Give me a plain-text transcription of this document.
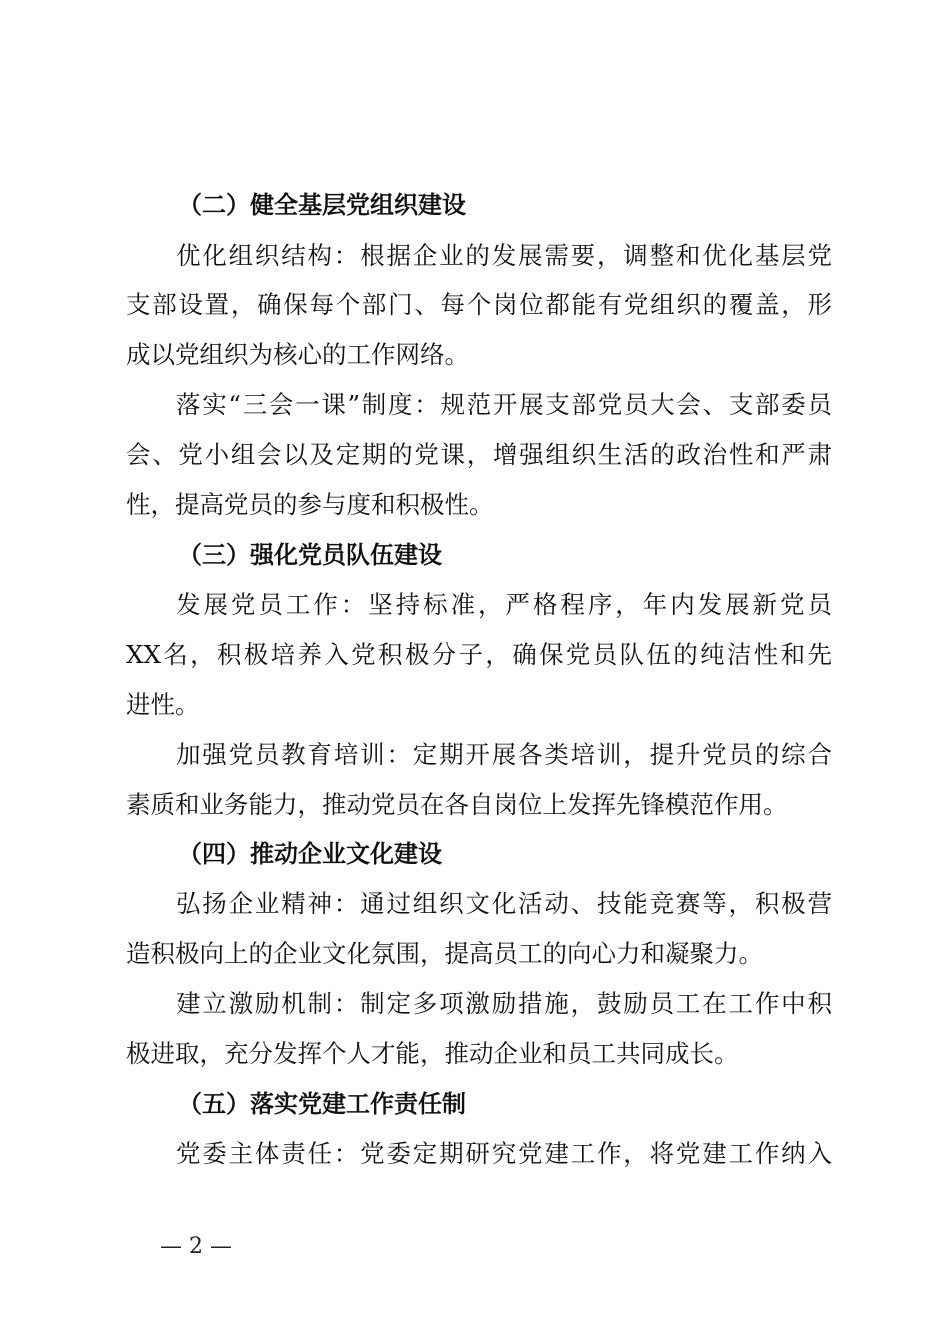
（二）健全基层党组织建设
优化组织结构：根据企业的发展需要，调整和优化基层党
支部设置，确保每个部门、每个岗位都能有党组织的覆盖，形
成以党组织为核心的工作网络。
落实“三会一课”制度：规范开展支部党员大会、支部委员
会、党小组会以及定期的党课，增强组织生活的政治性和严肃
性，提高党员的参与度和积极性。
（三）强化党员队伍建设
发展党员工作：坚持标准，严格程序，年内发展新党员
XX名，积极培养入党积极分子，确保党员队伍的纯洁性和先
进性。
加强党员教育培训：定期开展各类培训，提升党员的综合
素质和业务能力，推动党员在各自岗位上发挥先锋模范作用。
（四）推动企业文化建设
弘扬企业精神：通过组织文化活动、技能竞赛等，积极营
造积极向上的企业文化氛围，提高员工的向心力和凝聚力。
建立激励机制：制定多项激励措施，鼓励员工在工作中积
极进取，充分发挥个人才能，推动企业和员工共同成长。
（五）落实党建工作责任制
党委主体责任：党委定期研究党建工作，将党建工作纳入
— 2 —
